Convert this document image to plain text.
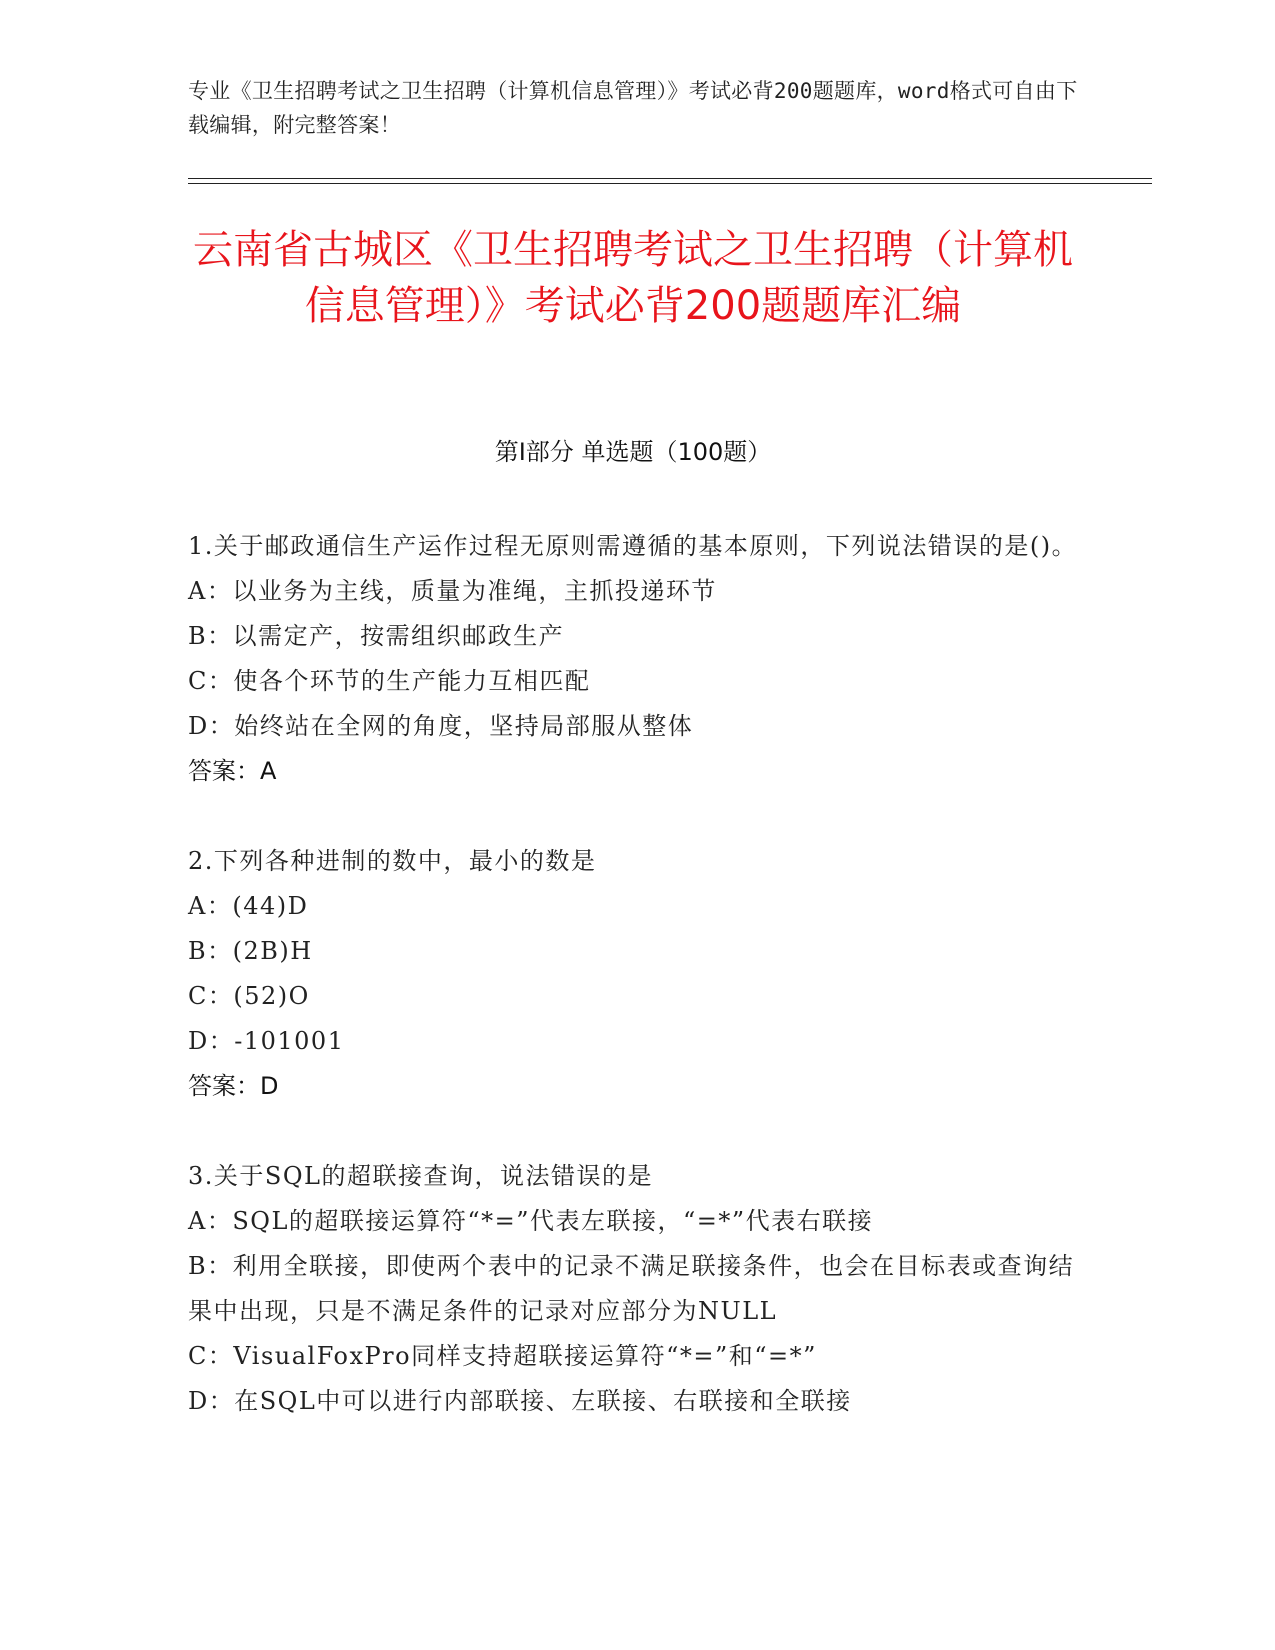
专业《卫生招聘考试之卫生招聘（计算机信息管理）》考试必背200题题库，word格式可自由下载编辑，附完整答案！
云南省古城区《卫生招聘考试之卫生招聘（计算机信息管理）》考试必背200题题库汇编
第I部分 单选题（100题）

1.关于邮政通信生产运作过程无原则需遵循的基本原则，下列说法错误的是()。

A：以业务为主线，质量为准绳，主抓投递环节

B：以需定产，按需组织邮政生产

C：使各个环节的生产能力互相匹配

D：始终站在全网的角度，坚持局部服从整体

答案：A

2.下列各种进制的数中，最小的数是

A：(44)D

B：(2B)H

C：(52)O

D：-101001

答案：D

3.关于SQL的超联接查询，说法错误的是

A：SQL的超联接运算符“*=”代表左联接，“=*”代表右联接

B：利用全联接，即使两个表中的记录不满足联接条件，也会在目标表或查询结果中出现，只是不满足条件的记录对应部分为NULL

C：VisualFoxPro同样支持超联接运算符“*=”和“=*”

D：在SQL中可以进行内部联接、左联接、右联接和全联接
